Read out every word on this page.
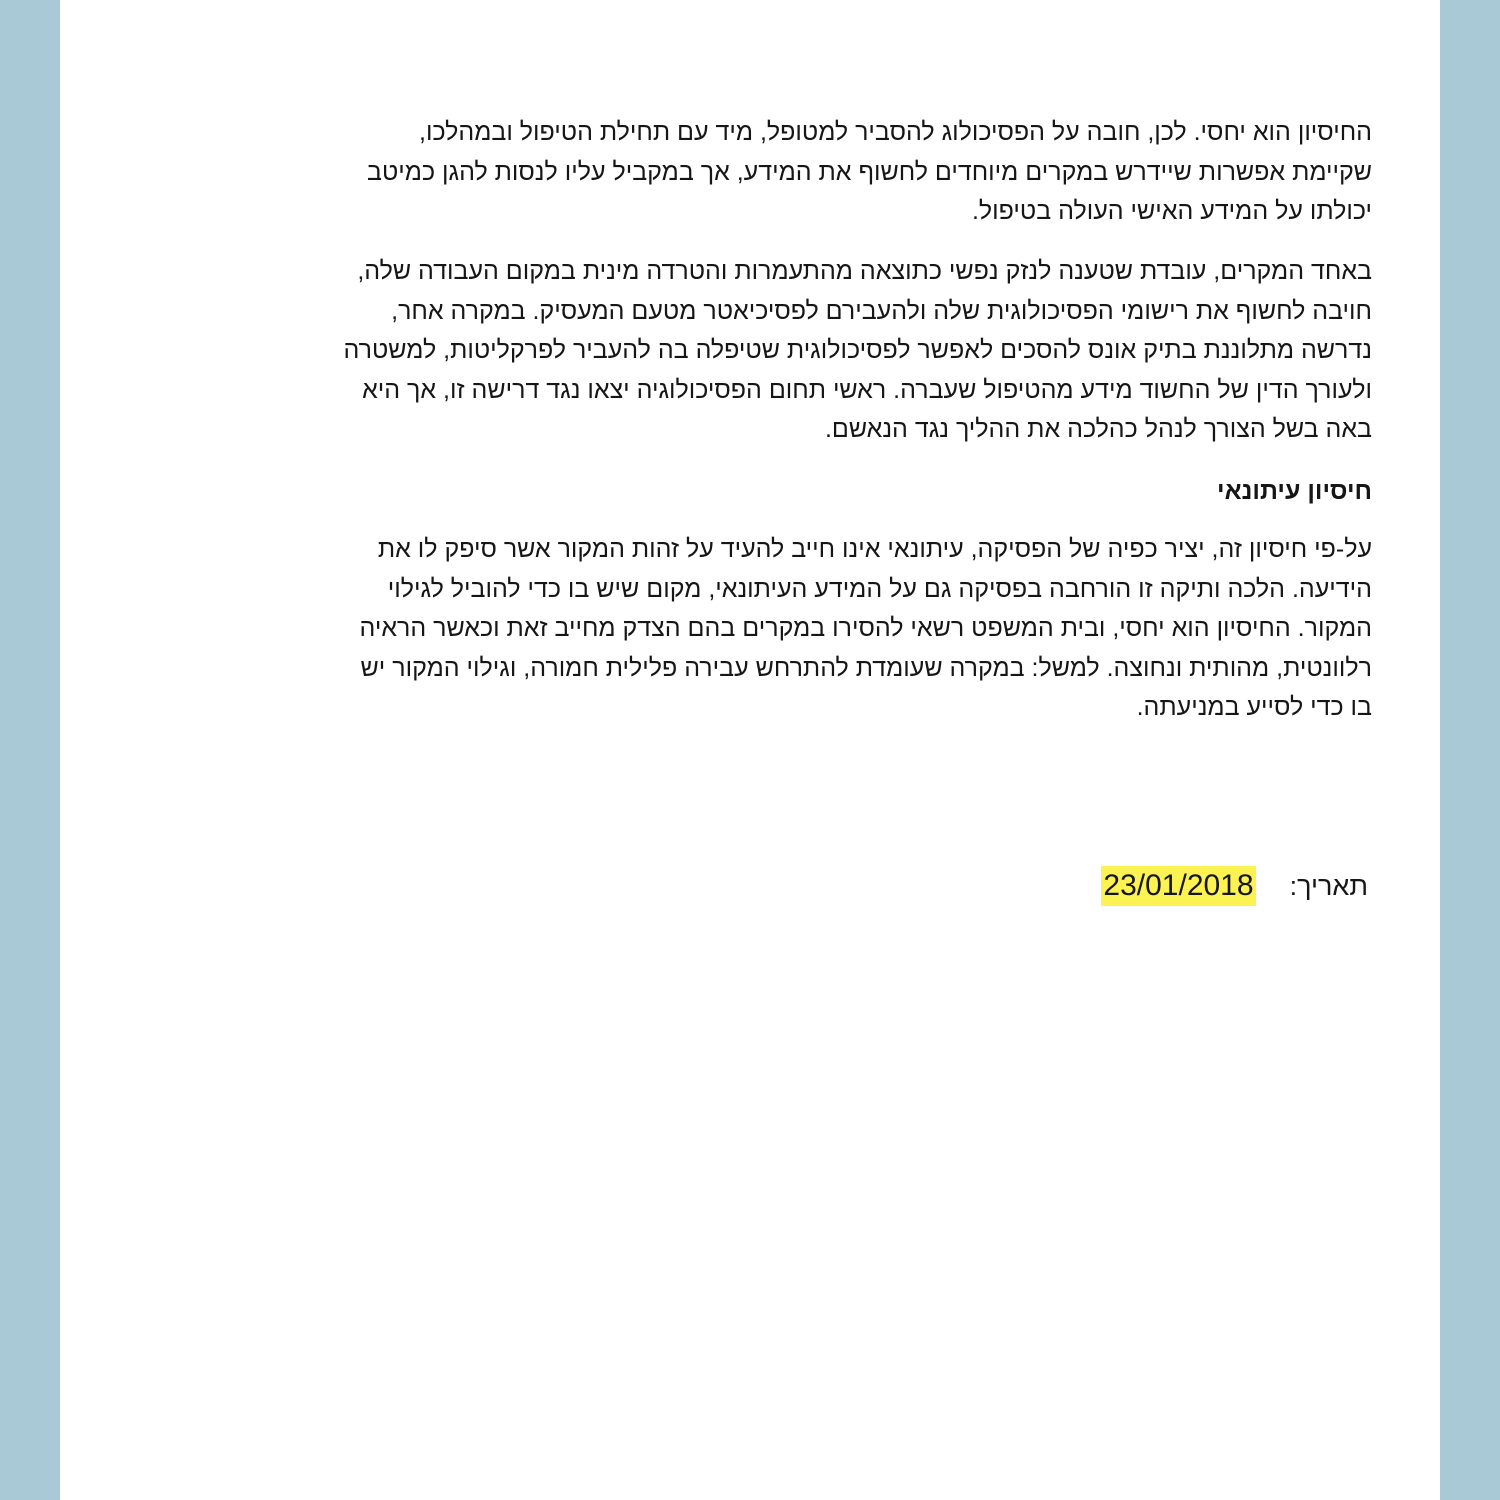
החיסיון הוא יחסי. לכן, חובה על הפסיכולוג להסביר למטופל, מיד עם תחילת הטיפול ובמהלכו,
שקיימת אפשרות שיידרש במקרים מיוחדים לחשוף את המידע, אך במקביל עליו לנסות להגן כמיטב
יכולתו על המידע האישי העולה בטיפול.
באחד המקרים, עובדת שטענה לנזק נפשי כתוצאה מהתעמרות והטרדה מינית במקום העבודה שלה,
חויבה לחשוף את רישומי הפסיכולוגית שלה ולהעבירם לפסיכיאטר מטעם המעסיק. במקרה אחר,
נדרשה מתלוננת בתיק אונס להסכים לאפשר לפסיכולוגית שטיפלה בה להעביר לפרקליטות, למשטרה
ולעורך הדין של החשוד מידע מהטיפול שעברה. ראשי תחום הפסיכולוגיה יצאו נגד דרישה זו, אך היא
באה בשל הצורך לנהל כהלכה את ההליך נגד הנאשם.
חיסיון עיתונאי
על-פי חיסיון זה, יציר כפיה של הפסיקה, עיתונאי אינו חייב להעיד על זהות המקור אשר סיפק לו את
הידיעה. הלכה ותיקה זו הורחבה בפסיקה גם על המידע העיתונאי, מקום שיש בו כדי להוביל לגילוי
המקור. החיסיון הוא יחסי, ובית המשפט רשאי להסירו במקרים בהם הצדק מחייב זאת וכאשר הראיה
רלוונטית, מהותית ונחוצה. למשל: במקרה שעומדת להתרחש עבירה פלילית חמורה, וגילוי המקור יש
בו כדי לסייע במניעתה.
תאריך:
23/01/2018
